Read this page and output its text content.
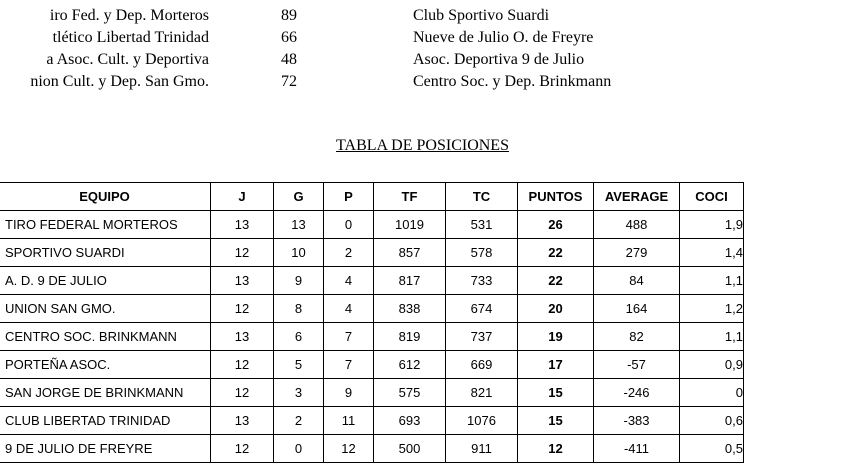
iro Fed. y Dep. Morteros	89	Club Sportivo Suardi
tlético Libertad Trinidad	66	Nueve de Julio O. de Freyre
a Asoc. Cult. y Deportiva	48	Asoc. Deportiva 9 de Julio
nion Cult. y Dep. San Gmo.	72	Centro Soc. y Dep. Brinkmann
TABLA DE POSICIONES
EQUIPO	J	G	P	TF	TC	PUNTOS	AVERAGE	COCI
TIRO FEDERAL MORTEROS	13	13	0	1019	531	26	488	1,9
SPORTIVO SUARDI	12	10	2	857	578	22	279	1,4
A. D. 9 DE JULIO	13	9	4	817	733	22	84	1,1
UNION SAN GMO.	12	8	4	838	674	20	164	1,2
CENTRO SOC. BRINKMANN	13	6	7	819	737	19	82	1,1
PORTEÑA ASOC.	12	5	7	612	669	17	-57	0,9
SAN JORGE DE BRINKMANN	12	3	9	575	821	15	-246	0
CLUB LIBERTAD TRINIDAD	13	2	11	693	1076	15	-383	0,6
9 DE JULIO DE FREYRE	12	0	12	500	911	12	-411	0,5
